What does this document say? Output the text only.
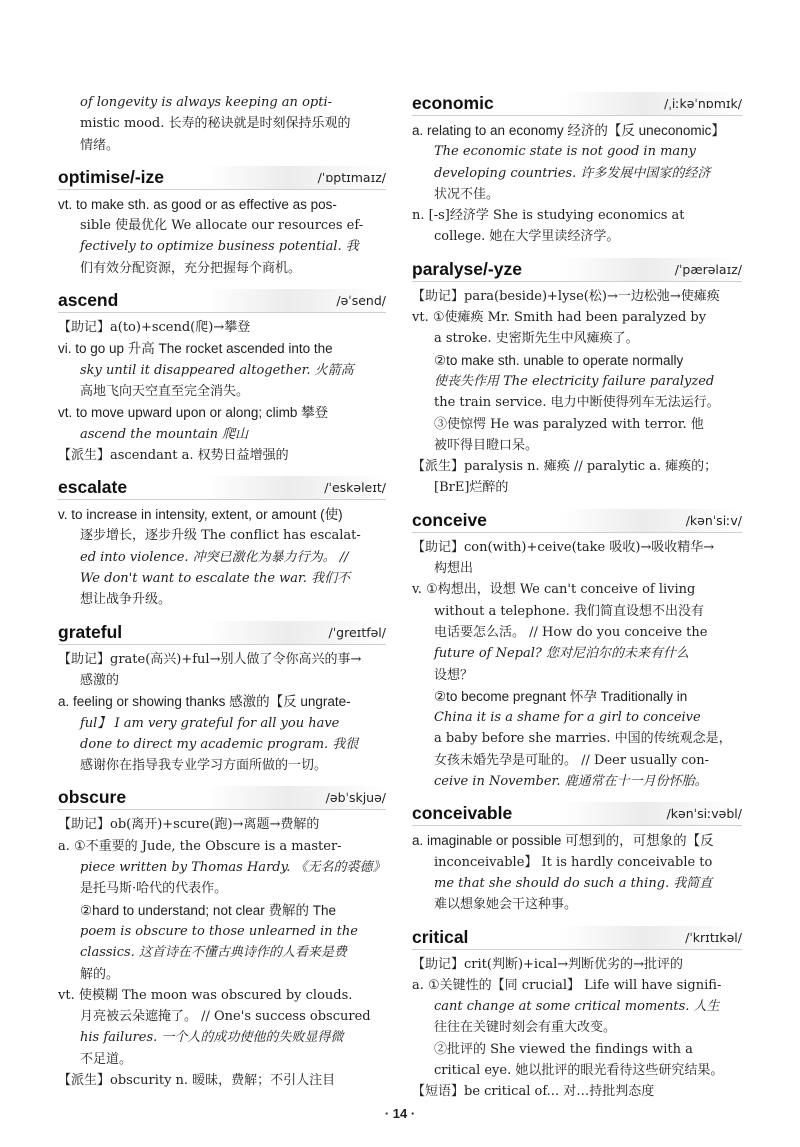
of longevity is always keeping an opti-

mistic mood. 长寿的秘诀就是时刻保持乐观的

情绪。

optimise/-ize	/ˈɒptɪmaɪz/

vt. to make sth. as good or as effective as pos-

sible 使最优化 We allocate our resources ef-

fectively to optimize business potential. 我

们有效分配资源，充分把握每个商机。

ascend	/əˈsend/

【助记】a(to)+scend(爬)→攀登

vi. to go up 升高 The rocket ascended into the

sky until it disappeared altogether. 火箭高

高地飞向天空直至完全消失。

vt. to move upward upon or along; climb 攀登

ascend the mountain 爬山

【派生】ascendant a. 权势日益增强的

escalate	/ˈeskəleɪt/

v. to increase in intensity, extent, or amount (使)

逐步增长，逐步升级 The conflict has escalat-

ed into violence. 冲突已激化为暴力行为。 //

We don't want to escalate the war. 我们不

想让战争升级。

grateful	/ˈgreɪtfəl/

【助记】grate(高兴)+ful→别人做了令你高兴的事→

感激的

a. feeling or showing thanks 感激的【反 ungrate-

ful】 I am very grateful for all you have

done to direct my academic program. 我很

感谢你在指导我专业学习方面所做的一切。

obscure	/əbˈskjuə/

【助记】ob(离开)+scure(跑)→离题→费解的

a. ①不重要的 Jude, the Obscure is a master-

piece written by Thomas Hardy. 《无名的裘德》

是托马斯·哈代的代表作。

②hard to understand; not clear 费解的 The

poem is obscure to those unlearned in the

classics. 这首诗在不懂古典诗作的人看来是费

解的。

vt. 使模糊 The moon was obscured by clouds.

月亮被云朵遮掩了。 // One's success obscured

his failures. 一个人的成功使他的失败显得微

不足道。

【派生】obscurity n. 暧昧，费解；不引人注目

economic	/ˌiːkəˈnɒmɪk/

a. relating to an economy 经济的【反 uneconomic】

The economic state is not good in many

developing countries. 许多发展中国家的经济

状况不佳。

n. [-s]经济学 She is studying economics at

college. 她在大学里读经济学。

paralyse/-yze	/ˈpærəlaɪz/

【助记】para(beside)+lyse(松)→一边松弛→使瘫痪

vt. ①使瘫痪 Mr. Smith had been paralyzed by

a stroke. 史密斯先生中风瘫痪了。

②to make sth. unable to operate normally

使丧失作用 The electricity failure paralyzed

the train service. 电力中断使得列车无法运行。

③使惊愕 He was paralyzed with terror. 他

被吓得目瞪口呆。

【派生】paralysis n. 瘫痪 // paralytic a. 瘫痪的；

[BrE]烂醉的

conceive	/kənˈsiːv/

【助记】con(with)+ceive(take 吸收)→吸收精华→

构想出

v. ①构想出，设想 We can't conceive of living

without a telephone. 我们简直设想不出没有

电话要怎么活。 // How do you conceive the

future of Nepal? 您对尼泊尔的未来有什么

设想？

②to become pregnant 怀孕 Traditionally in

China it is a shame for a girl to conceive

a baby before she marries. 中国的传统观念是，

女孩未婚先孕是可耻的。 // Deer usually con-

ceive in November. 鹿通常在十一月份怀胎。

conceivable	/kənˈsiːvəbl/

a. imaginable or possible 可想到的，可想象的【反

inconceivable】 It is hardly conceivable to

me that she should do such a thing. 我简直

难以想象她会干这种事。

critical	/ˈkrɪtɪkəl/

【助记】crit(判断)+ical→判断优劣的→批评的

a. ①关键性的【同 crucial】 Life will have signifi-

cant change at some critical moments. 人生

往往在关键时刻会有重大改变。

②批评的 She viewed the findings with a

critical eye. 她以批评的眼光看待这些研究结果。

【短语】be critical of... 对…持批判态度

· 14 ·
